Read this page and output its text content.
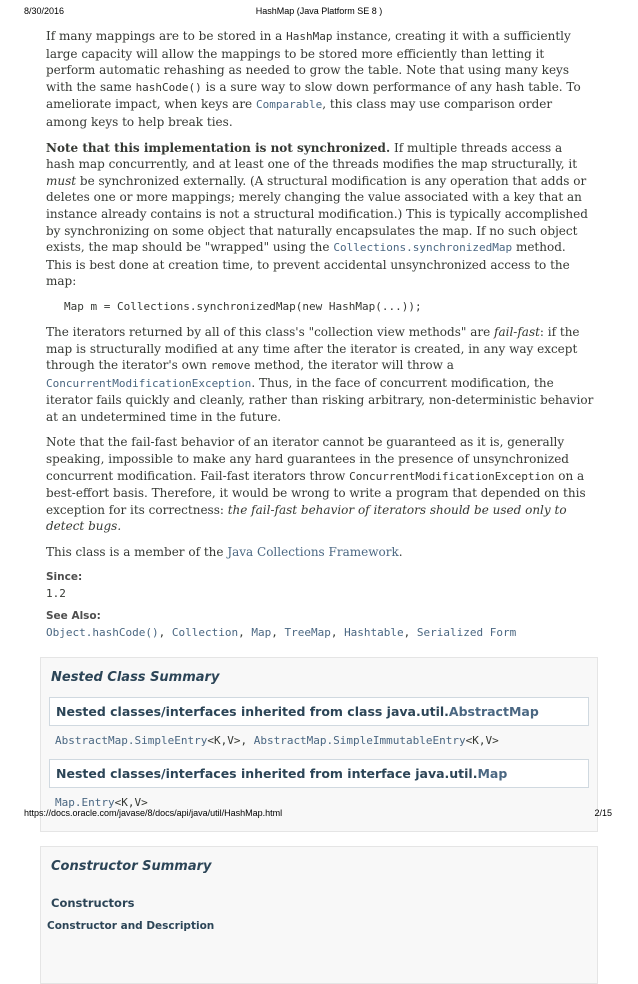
8/30/2016	HashMap (Java Platform SE 8 )

If many mappings are to be stored in a HashMap instance, creating it with a sufficiently large capacity will allow the mappings to be stored more efficiently than letting it perform automatic rehashing as needed to grow the table. Note that using many keys with the same hashCode() is a sure way to slow down performance of any hash table. To ameliorate impact, when keys are Comparable, this class may use comparison order among keys to help break ties.

Note that this implementation is not synchronized. If multiple threads access a hash map concurrently, and at least one of the threads modifies the map structurally, it must be synchronized externally. (A structural modification is any operation that adds or deletes one or more mappings; merely changing the value associated with a key that an instance already contains is not a structural modification.) This is typically accomplished by synchronizing on some object that naturally encapsulates the map. If no such object exists, the map should be "wrapped" using the Collections.synchronizedMap method. This is best done at creation time, to prevent accidental unsynchronized access to the map:

Map m = Collections.synchronizedMap(new HashMap(...));

The iterators returned by all of this class's "collection view methods" are fail-fast: if the map is structurally modified at any time after the iterator is created, in any way except through the iterator's own remove method, the iterator will throw a ConcurrentModificationException. Thus, in the face of concurrent modification, the iterator fails quickly and cleanly, rather than risking arbitrary, non-deterministic behavior at an undetermined time in the future.

Note that the fail-fast behavior of an iterator cannot be guaranteed as it is, generally speaking, impossible to make any hard guarantees in the presence of unsynchronized concurrent modification. Fail-fast iterators throw ConcurrentModificationException on a best-effort basis. Therefore, it would be wrong to write a program that depended on this exception for its correctness: the fail-fast behavior of iterators should be used only to detect bugs.

This class is a member of the Java Collections Framework.

Since:
1.2
See Also:
Object.hashCode(), Collection, Map, TreeMap, Hashtable, Serialized Form
Nested Class Summary
Nested classes/interfaces inherited from class java.util.AbstractMap
AbstractMap.SimpleEntry<K,V>, AbstractMap.SimpleImmutableEntry<K,V>
Nested classes/interfaces inherited from interface java.util.Map
Map.Entry<K,V>
Constructor Summary
Constructors
Constructor and Description
https://docs.oracle.com/javase/8/docs/api/java/util/HashMap.html	2/15
